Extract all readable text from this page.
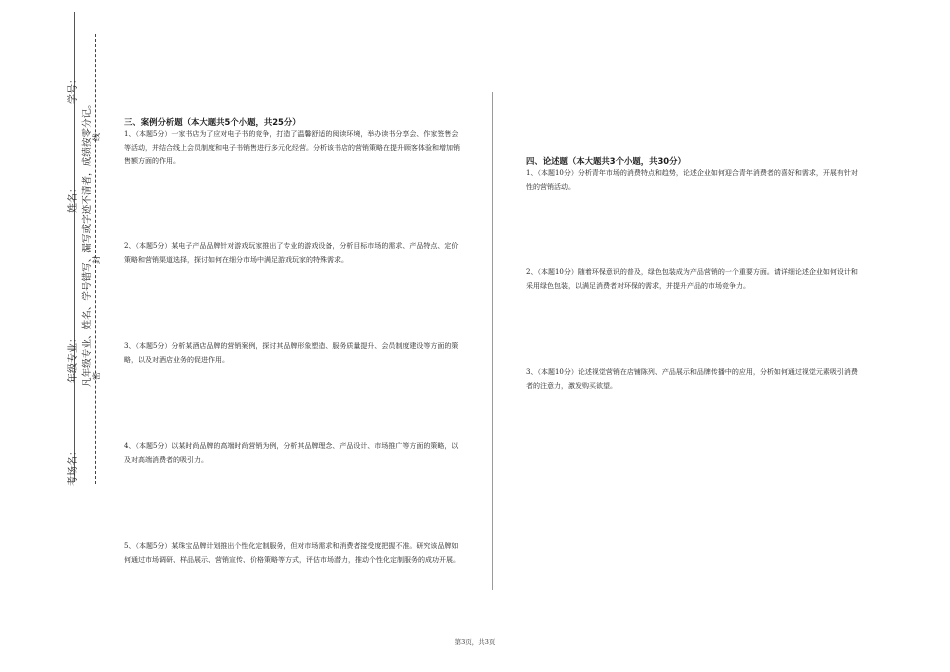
学号：
姓名：
年级专业：
考场名：
凡年级专业、姓名、学号错写、漏写或字迹不清者，成绩按零分记。 密
封
线
三、案例分析题（本大题共5个小题，共25分）
1、（本题5分）一家书店为了应对电子书的竞争，打造了温馨舒适的阅读环境，举办读书分享会、作家签售会等活动，并结合线上会员制度和电子书销售进行多元化经营。分析该书店的营销策略在提升顾客体验和增加销售额方面的作用。
2、（本题5分）某电子产品品牌针对游戏玩家推出了专业的游戏设备，分析目标市场的需求、产品特点、定价策略和营销渠道选择，探讨如何在细分市场中满足游戏玩家的特殊需求。
3、（本题5分）分析某酒店品牌的营销案例，探讨其品牌形象塑造、服务质量提升、会员制度建设等方面的策略，以及对酒店业务的促进作用。
4、（本题5分）以某时尚品牌的高端时尚营销为例，分析其品牌理念、产品设计、市场推广等方面的策略，以及对高端消费者的吸引力。
5、（本题5分）某珠宝品牌计划推出个性化定制服务，但对市场需求和消费者接受度把握不准。研究该品牌如何通过市场调研、样品展示、营销宣传、价格策略等方式，评估市场潜力，推动个性化定制服务的成功开展。
四、论述题（本大题共3个小题，共30分）
1、（本题10分）分析青年市场的消费特点和趋势，论述企业如何迎合青年消费者的喜好和需求，开展有针对性的营销活动。
2、（本题10分）随着环保意识的普及，绿色包装成为产品营销的一个重要方面。请详细论述企业如何设计和采用绿色包装，以满足消费者对环保的需求，并提升产品的市场竞争力。
3、（本题10分）论述视觉营销在店铺陈列、产品展示和品牌传播中的应用，分析如何通过视觉元素吸引消费者的注意力，激发购买欲望。
第3页，共3页
